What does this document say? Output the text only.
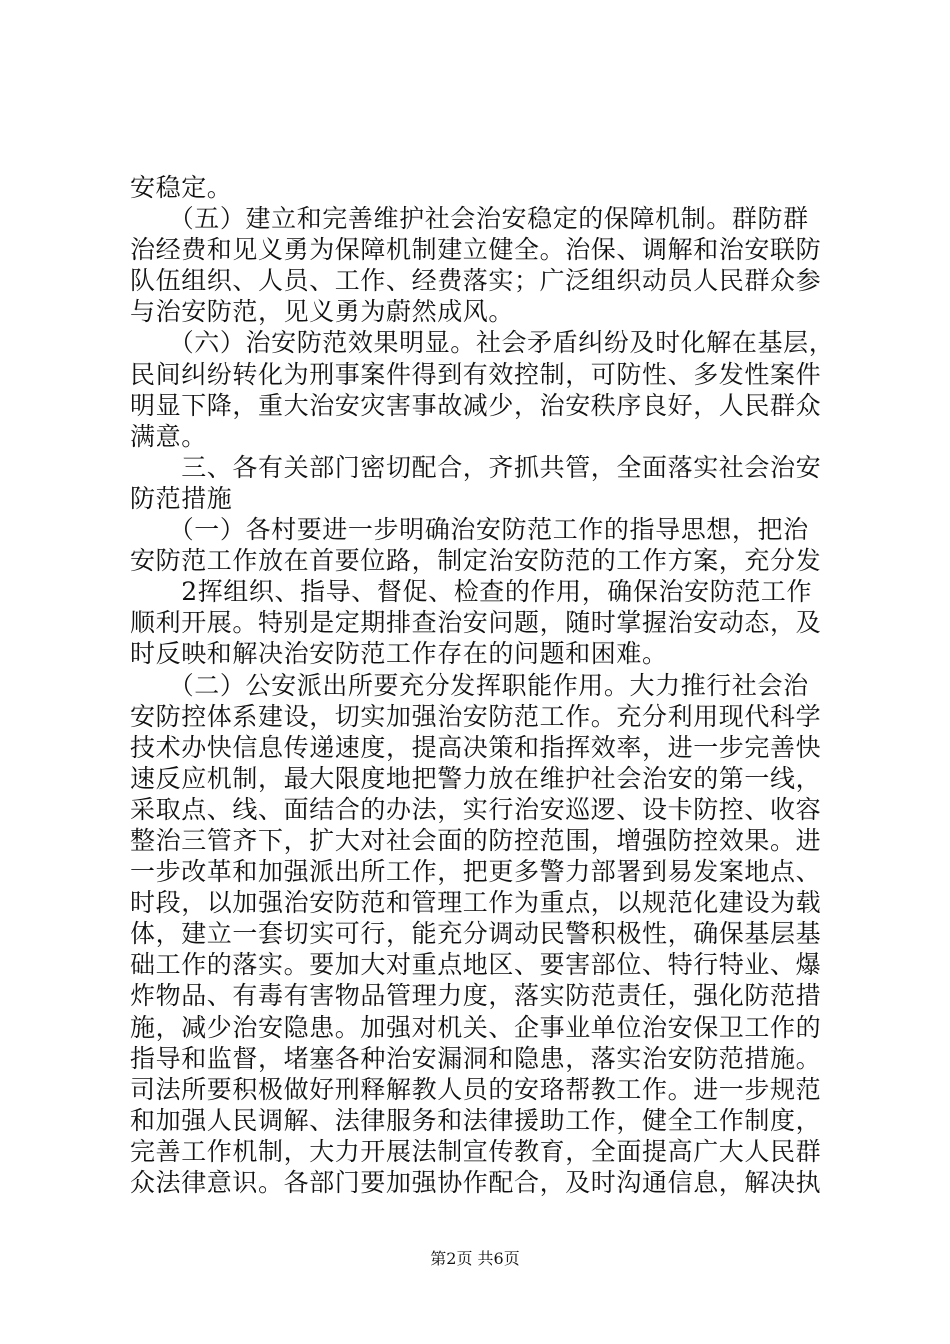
安稳定。
　　（五）建立和完善维护社会治安稳定的保障机制。群防群
治经费和见义勇为保障机制建立健全。治保、调解和治安联防
队伍组织、人员、工作、经费落实；广泛组织动员人民群众参
与治安防范，见义勇为蔚然成风。
　　（六）治安防范效果明显。社会矛盾纠纷及时化解在基层，
民间纠纷转化为刑事案件得到有效控制，可防性、多发性案件
明显下降，重大治安灾害事故减少，治安秩序良好，人民群众
满意。
　　三、各有关部门密切配合，齐抓共管，全面落实社会治安
防范措施
　　（一）各村要进一步明确治安防范工作的指导思想，把治
安防范工作放在首要位路，制定治安防范的工作方案，充分发
　　2挥组织、指导、督促、检查的作用，确保治安防范工作
顺利开展。特别是定期排查治安问题，随时掌握治安动态，及
时反映和解决治安防范工作存在的问题和困难。
　　（二）公安派出所要充分发挥职能作用。大力推行社会治
安防控体系建设，切实加强治安防范工作。充分利用现代科学
技术办快信息传递速度，提高决策和指挥效率，进一步完善快
速反应机制，最大限度地把警力放在维护社会治安的第一线，
采取点、线、面结合的办法，实行治安巡逻、设卡防控、收容
整治三管齐下，扩大对社会面的防控范围，增强防控效果。进
一步改革和加强派出所工作，把更多警力部署到易发案地点、
时段，以加强治安防范和管理工作为重点，以规范化建设为载
体，建立一套切实可行，能充分调动民警积极性，确保基层基
础工作的落实。要加大对重点地区、要害部位、特行特业、爆
炸物品、有毒有害物品管理力度，落实防范责任，强化防范措
施，减少治安隐患。加强对机关、企事业单位治安保卫工作的
指导和监督，堵塞各种治安漏洞和隐患，落实治安防范措施。
司法所要积极做好刑释解教人员的安珞帮教工作。进一步规范
和加强人民调解、法律服务和法律援助工作，健全工作制度，
完善工作机制，大力开展法制宣传教育，全面提高广大人民群
众法律意识。各部门要加强协作配合，及时沟通信息，解决执
第2页 共6页
